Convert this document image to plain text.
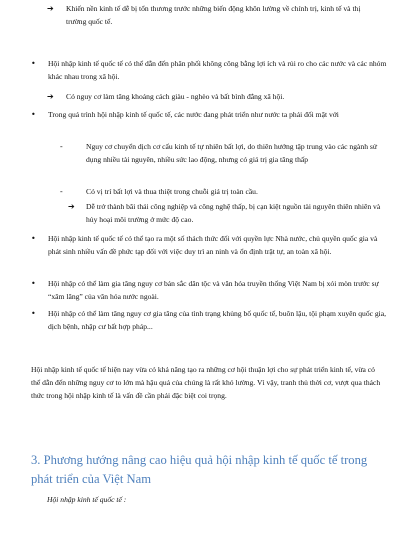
➔	Khiến nền kinh tế dễ bị tổn thương trước những biến động khôn lường về chính trị, kinh tế và thị trường quốc tế.
•	Hội nhập kinh tế quốc tế có thể dẫn đến phân phối không công bằng lợi ích và rủi ro cho các nước và các nhóm khác nhau trong xã hội.
➔	Có nguy cơ làm tăng khoảng cách giàu - nghèo và bất bình đẳng xã hội.
•	Trong quá trình hội nhập kinh tế quốc tế, các nước đang phát triển như nước ta phải đối mặt với
-	Nguy cơ chuyển dịch cơ cấu kinh tế tự nhiên bất lợi, do thiên hướng tập trung vào các ngành sử dụng nhiều tài nguyên, nhiều sức lao động, nhưng có giá trị gia tăng thấp
-	Có vị trí bất lợi và thua thiệt trong chuỗi giá trị toàn cầu.
➔	Dễ trở thành bãi thải công nghiệp và công nghệ thấp, bị cạn kiệt nguồn tài nguyên thiên nhiên và hủy hoại môi trường ở mức độ cao.
•	Hội nhập kinh tế quốc tế có thể tạo ra một số thách thức đối với quyền lực Nhà nước, chủ quyền quốc gia và phát sinh nhiều vấn đề phức tạp đối với việc duy trì an ninh và ổn định trật tự, an toàn xã hội.
•	Hội nhập có thể làm gia tăng nguy cơ bản sắc dân tộc và văn hóa truyền thống Việt Nam bị xói mòn trước sự “xâm lăng” của văn hóa nước ngoài.
•	Hội nhập có thể làm tăng nguy cơ gia tăng của tình trạng khủng bố quốc tế, buôn lậu, tội phạm xuyên quốc gia, dịch bệnh, nhập cư bất hợp pháp...
Hội nhập kinh tế quốc tế hiện nay vừa có khả năng tạo ra những cơ hội thuận lợi cho sự phát triển kinh tế, vừa có thể dẫn đến những nguy cơ to lớn mà hậu quả của chúng là rất khó lường. Vì vậy, tranh thủ thời cơ, vượt qua thách thức trong hội nhập kinh tế là vấn đề cần phải đặc biệt coi trọng.
3. Phương hướng nâng cao hiệu quả hội nhập kinh tế quốc tế trong phát triển của Việt Nam
Hội nhập kinh tế quốc tế :
